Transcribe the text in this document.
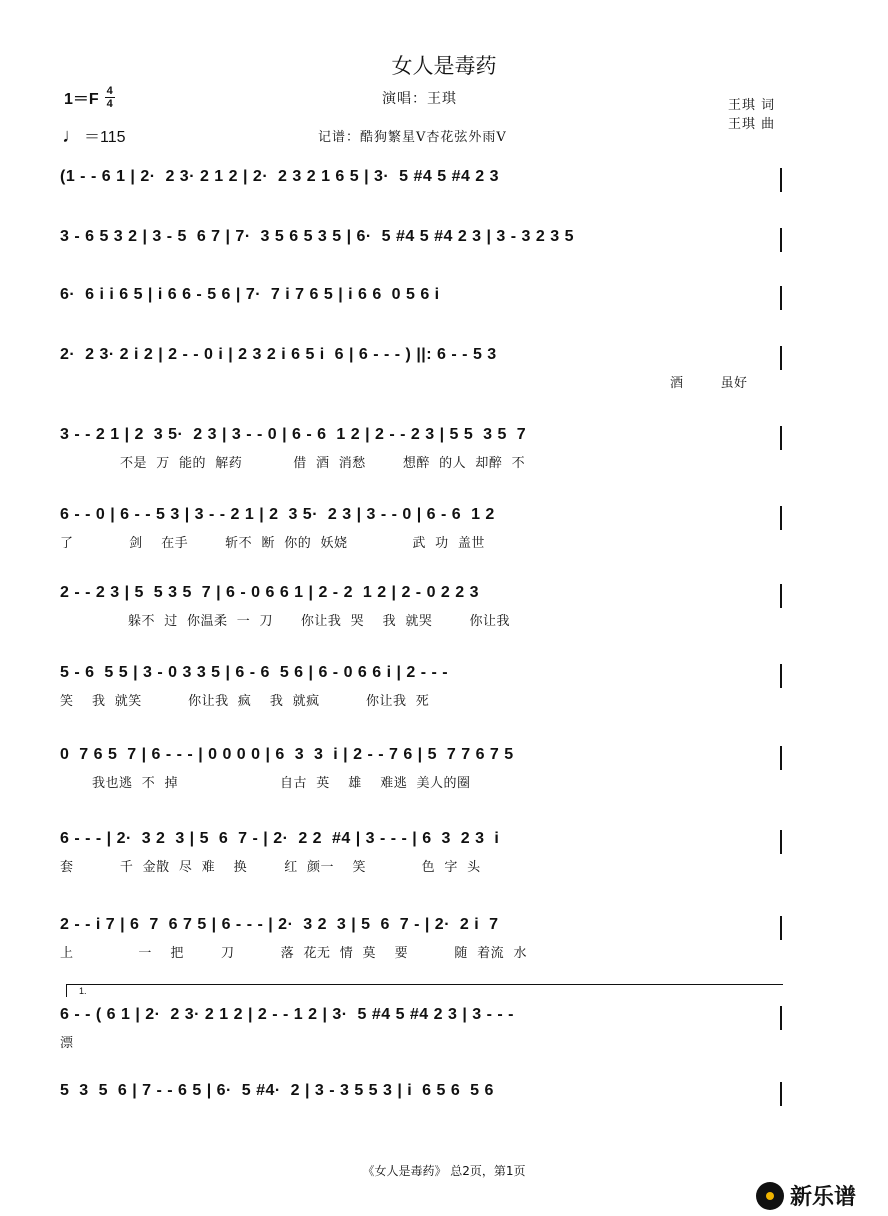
女人是毒药
$1=F \frac{4}{4}$
♩ ＝115
演唱：王琪
记谱：酷狗繁星V杏花弦外雨V
王琪 词
王琪 曲
(1 - - 6 1 | 2·  2 3· 2 1 2 | 2·  2 3 2 1 6 5 | 3·  5 #4 5 #4 2 3
3 - 6 5 3 2 | 3 - 5  6 7 | 7·  3 5 6 5 3 5 | 6·  5 #4 5 #4 2 3 | 3 - 3 2 3 5
6·  6 i i 6 5 | i 6 6 - 5 6 | 7·  7 i 7 6 5 | i 6 6  0 5 6 i
2·  2 3· 2 i 2 | 2 - - 0 i | 2 3 2 i 6 5 i  6 | 6 - - - ) ||: 6 - - 5 3
酒        虽好
3 - - 2 1 | 2  3 5·  2 3 | 3 - - 0 | 6 - 6  1 2 | 2 - - 2 3 | 5 5  3 5  7
不是  万  能的  解药           借  酒  消愁        想醉  的人  却醉  不
6 - - 0 | 6 - - 5 3 | 3 - - 2 1 | 2  3 5·  2 3 | 3 - - 0 | 6 - 6  1 2
了            剑    在手        斩不  断  你的  妖娆              武  功  盖世
2 - - 2 3 | 5  5 3 5  7 | 6 - 0 6 6 1 | 2 - 2  1 2 | 2 - 0 2 2 3
躲不  过  你温柔  一  刀      你让我  哭    我  就哭        你让我
5 - 6  5 5 | 3 - 0 3 3 5 | 6 - 6  5 6 | 6 - 0 6 6 i | 2 - - -
笑    我  就笑          你让我  疯    我  就疯          你让我  死
0  7 6 5  7 | 6 - - - | 0 0 0 0 | 6  3  3  i | 2 - - 7 6 | 5  7 7 6 7 5
我也逃  不  掉                      自古  英    雄    难逃  美人的圈
6 - - - | 2·  3 2  3 | 5  6  7 - | 2·  2 2  #4 | 3 - - - | 6  3  2 3  i
套          千  金散  尽  难    换        红  颜一    笑            色  字  头
2 - - i 7 | 6  7  6 7 5 | 6 - - - | 2·  3 2  3 | 5  6  7 - | 2·  2 i  7
上              一    把        刀          落  花无  情  莫    要          随  着流  水
1.
6 - - ( 6 1 | 2·  2 3· 2 1 2 | 2 - - 1 2 | 3·  5 #4 5 #4 2 3 | 3 - - -
漂
5  3  5  6 | 7 - - 6 5 | 6·  5 #4·  2 | 3 - 3 5 5 3 | i  6 5 6  5 6
《女人是毒药》 总2页，第1页
新乐谱
